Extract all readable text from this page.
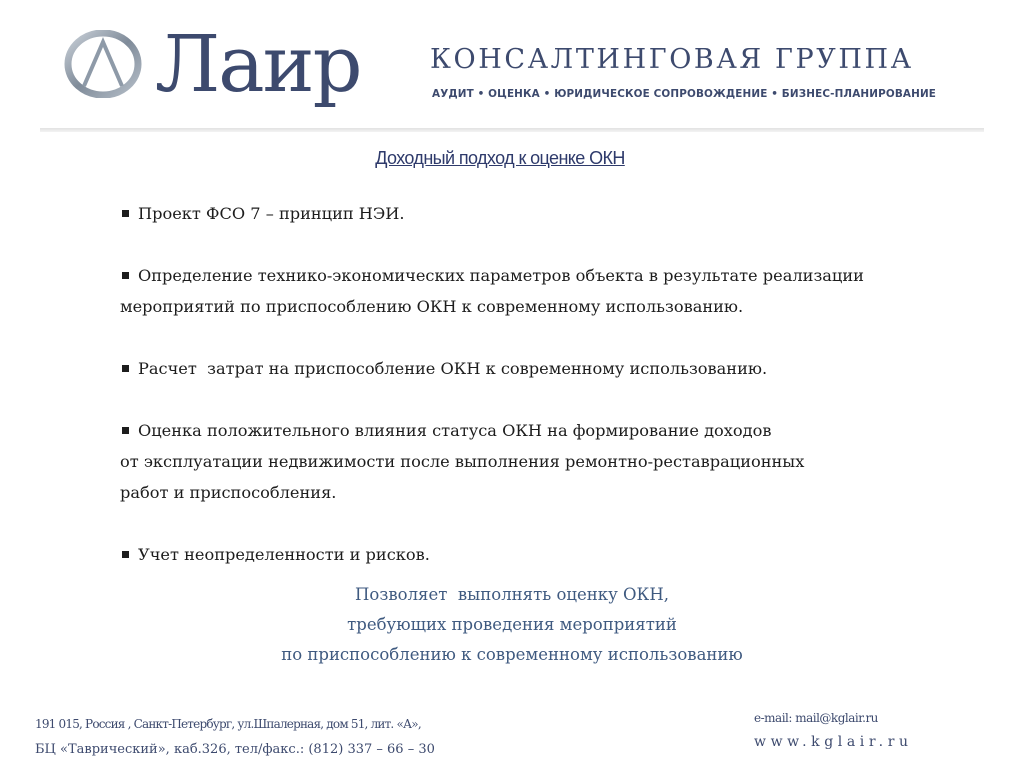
Лаир	КОНСАЛТИНГОВАЯ ГРУППА
АУДИТ • ОЦЕНКА • ЮРИДИЧЕСКОЕ СОПРОВОЖДЕНИЕ • БИЗНЕС-ПЛАНИРОВАНИЕ
Доходный подход к оценке ОКН
Проект ФСО 7 – принцип НЭИ.
Определение технико-экономических параметров объекта в результате реализации
мероприятий по приспособлению ОКН к современному использованию.
Расчет  затрат на приспособление ОКН к современному использованию.
Оценка положительного влияния статуса ОКН на формирование доходов
от эксплуатации недвижимости после выполнения ремонтно-реставрационных
работ и приспособления.
Учет неопределенности и рисков.
Позволяет  выполнять оценку ОКН,
требующих проведения мероприятий
по приспособлению к современному использованию
191 015, Россия , Санкт-Петербург, ул.Шпалерная, дом 51, лит. «А»,
БЦ «Таврический», каб.326, тел/факс.: (812) 337 – 66 – 30
e-mail: mail@kglair.ru
www.kglair.ru
